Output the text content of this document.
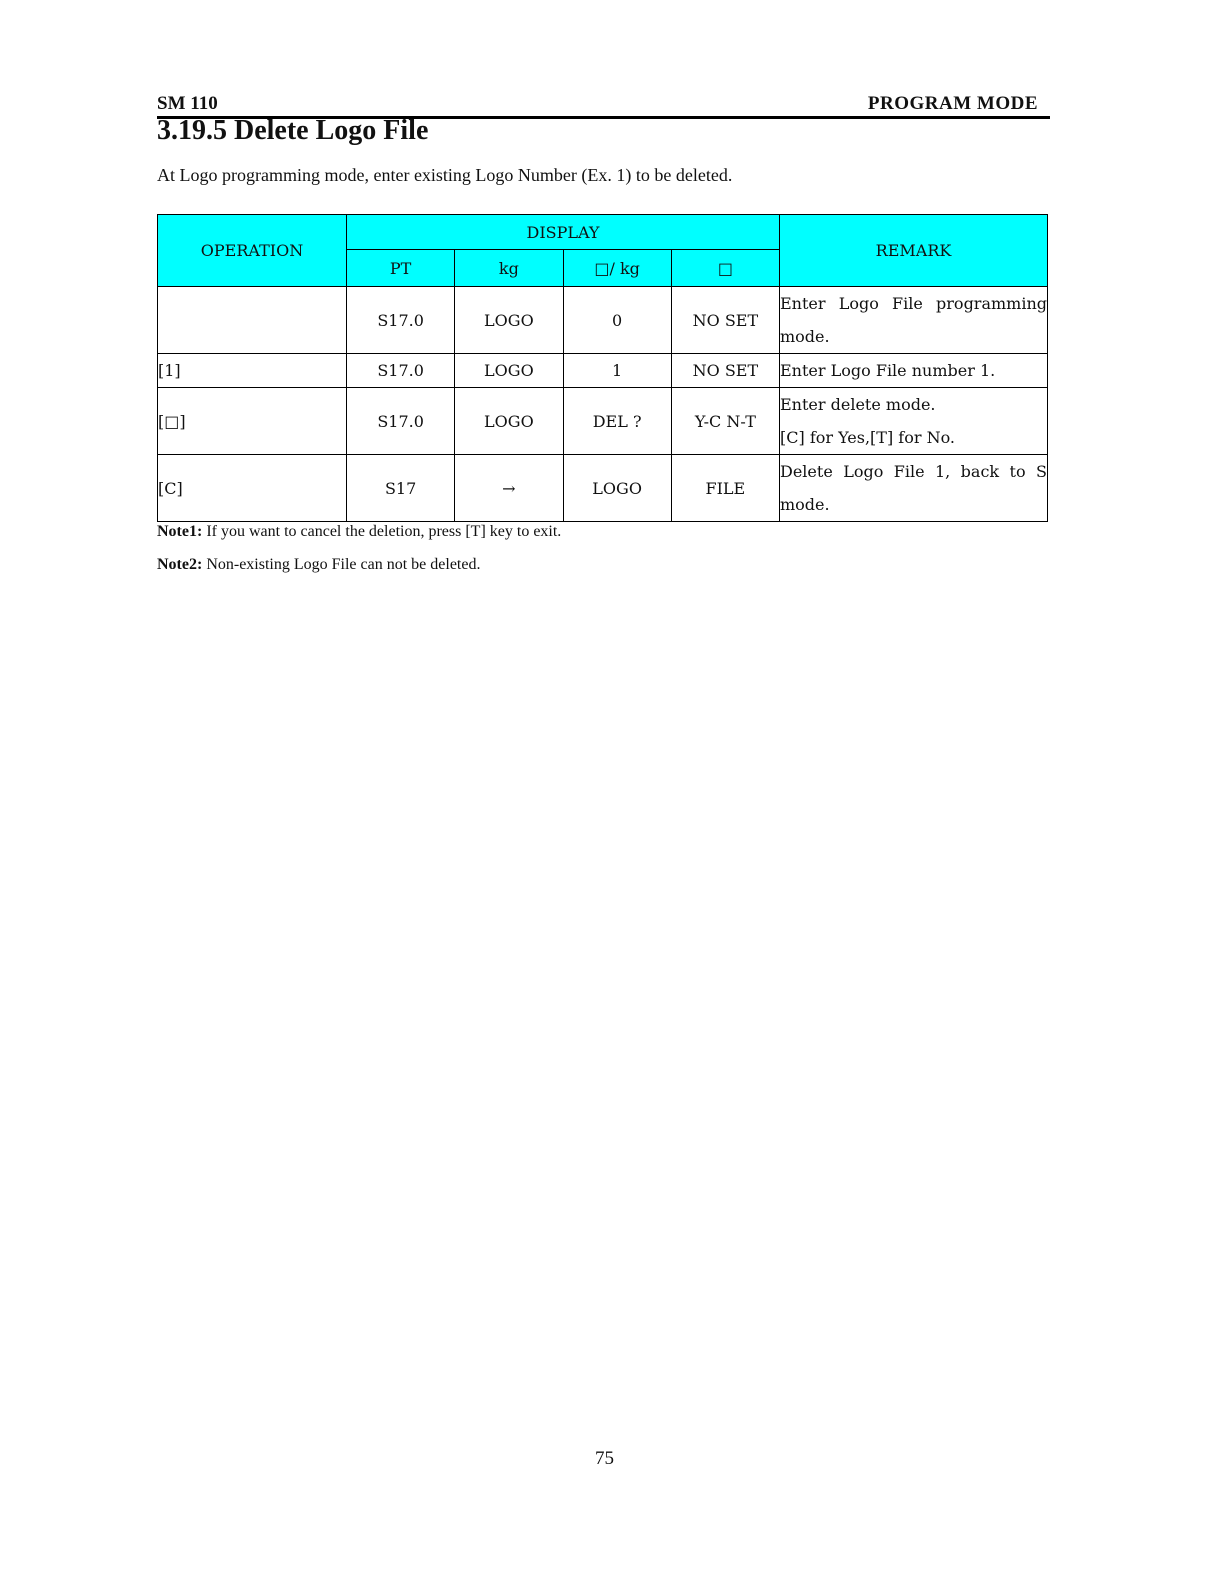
SM 110	PROGRAM MODE
3.19.5 Delete Logo File

At Logo programming mode, enter existing Logo Number (Ex. 1) to be deleted.

OPERATION	DISPLAY				REMARK
	PT	kg	□/ kg	□	
	S17.0	LOGO	0	NO SET	Enter Logo File programming mode.
[1]	S17.0	LOGO	1	NO SET	Enter Logo File number 1.
[□]	S17.0	LOGO	DEL ?	Y-C N-T	Enter delete mode.
[C] for Yes,[T] for No.

[C]	S17	→	LOGO	FILE	Delete Logo File 1, back to S mode.

Note1: If you want to cancel the deletion, press [T] key to exit.

Note2: Non-existing Logo File can not be deleted.

75
